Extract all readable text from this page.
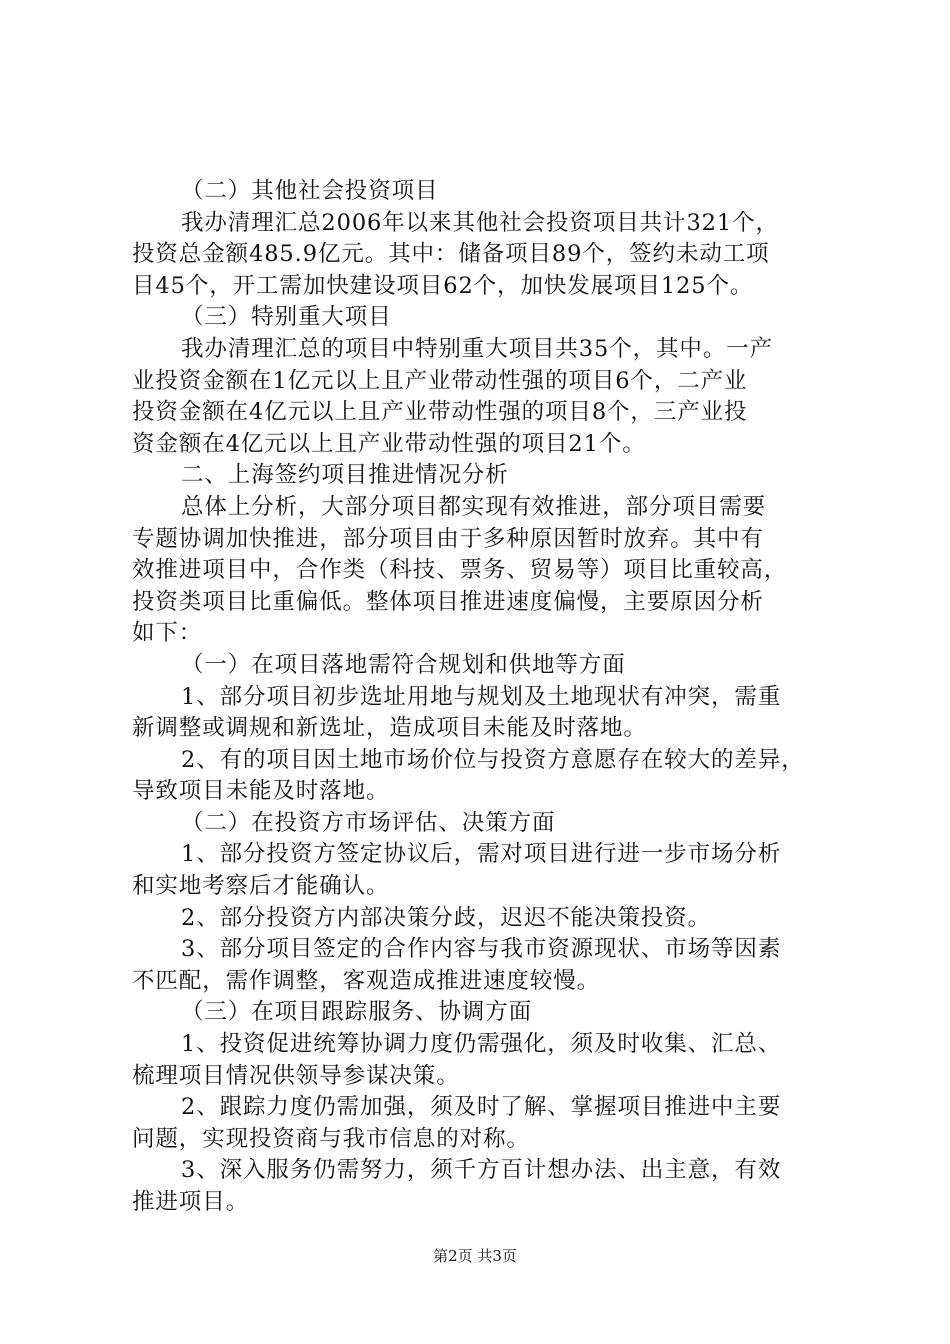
（二）其他社会投资项目
我办清理汇总2006年以来其他社会投资项目共计321个，
投资总金额485.9亿元。其中：储备项目89个，签约未动工项
目45个，开工需加快建设项目62个，加快发展项目125个。
（三）特别重大项目
我办清理汇总的项目中特别重大项目共35个，其中。一产
业投资金额在1亿元以上且产业带动性强的项目6个，二产业
投资金额在4亿元以上且产业带动性强的项目8个，三产业投
资金额在4亿元以上且产业带动性强的项目21个。
二、上海签约项目推进情况分析
总体上分析，大部分项目都实现有效推进，部分项目需要
专题协调加快推进，部分项目由于多种原因暂时放弃。其中有
效推进项目中，合作类（科技、票务、贸易等）项目比重较高，
投资类项目比重偏低。整体项目推进速度偏慢，主要原因分析
如下：
（一）在项目落地需符合规划和供地等方面
1、部分项目初步选址用地与规划及土地现状有冲突，需重
新调整或调规和新选址，造成项目未能及时落地。
2、有的项目因土地市场价位与投资方意愿存在较大的差异，
导致项目未能及时落地。
（二）在投资方市场评估、决策方面
1、部分投资方签定协议后，需对项目进行进一步市场分析
和实地考察后才能确认。
2、部分投资方内部决策分歧，迟迟不能决策投资。
3、部分项目签定的合作内容与我市资源现状、市场等因素
不匹配，需作调整，客观造成推进速度较慢。
（三）在项目跟踪服务、协调方面
1、投资促进统筹协调力度仍需强化，须及时收集、汇总、
梳理项目情况供领导参谋决策。
2、跟踪力度仍需加强，须及时了解、掌握项目推进中主要
问题，实现投资商与我市信息的对称。
3、深入服务仍需努力，须千方百计想办法、出主意，有效
推进项目。
第2页 共3页
